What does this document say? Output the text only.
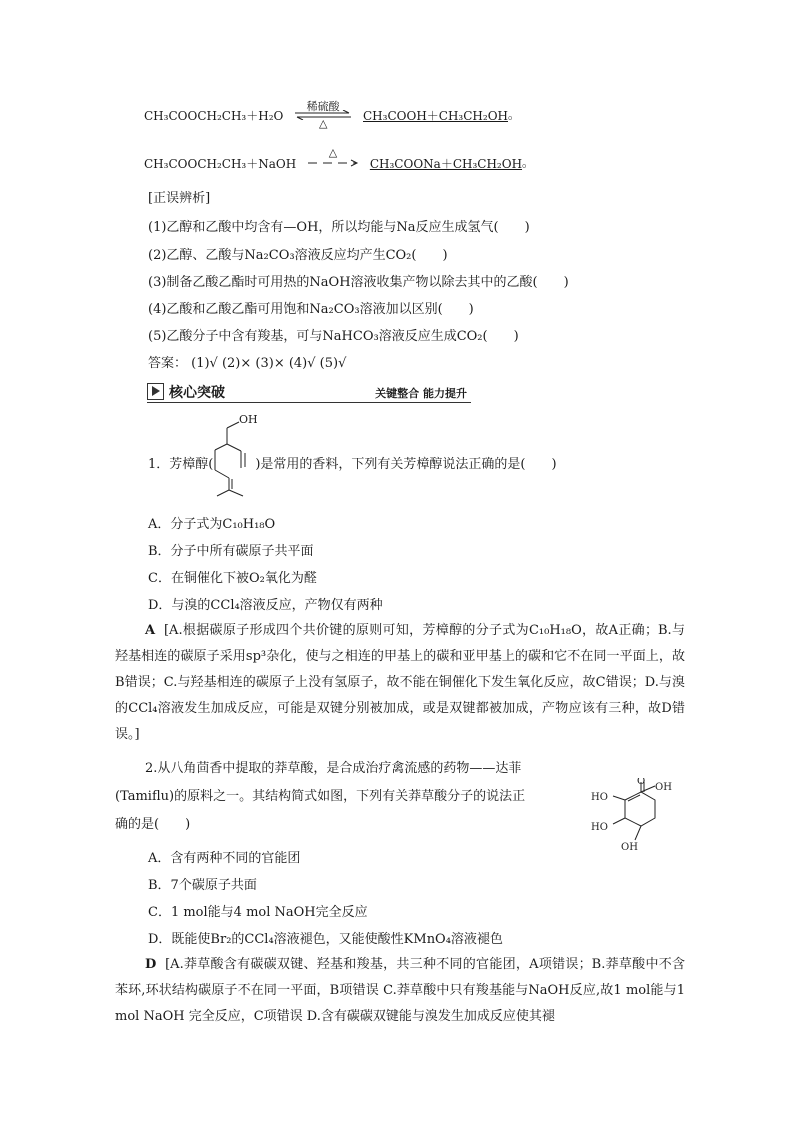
CH₃COOCH₂CH₃＋H₂O
稀硫酸
△
CH₃COOH＋CH₃CH₂OH。
CH₃COOCH₂CH₃＋NaOH
△
CH₃COONa＋CH₃CH₂OH。
[正误辨析]
(1)乙醇和乙酸中均含有—OH，所以均能与Na反应生成氢气(　　)
(2)乙醇、乙酸与Na₂CO₃溶液反应均产生CO₂(　　)
(3)制备乙酸乙酯时可用热的NaOH溶液收集产物以除去其中的乙酸(　　)
(4)乙酸和乙酸乙酯可用饱和Na₂CO₃溶液加以区别(　　)
(5)乙酸分子中含有羧基，可与NaHCO₃溶液反应生成CO₂(　　)
答案： (1)√ (2)× (3)× (4)√ (5)√
核心突破	关键整合 能力提升
1．芳樟醇(	)是常用的香料，下列有关芳樟醇说法正确的是(　　)
OH
A．分子式为C₁₀H₁₈O
B．分子中所有碳原子共平面
C．在铜催化下被O₂氧化为醛
D．与溴的CCl₄溶液反应，产物仅有两种
A [A.根据碳原子形成四个共价键的原则可知，芳樟醇的分子式为C₁₀H₁₈O，故A正确；B.与羟基相连的碳原子采用sp³杂化，使与之相连的甲基上的碳和亚甲基上的碳和它不在同一平面上，故B错误；C.与羟基相连的碳原子上没有氢原子，故不能在铜催化下发生氧化反应，故C错误；D.与溴的CCl₄溶液发生加成反应，可能是双键分别被加成，或是双键都被加成，产物应该有三种，故D错误。]
2.从八角茴香中提取的莽草酸，是合成治疗禽流感的药物——达菲
(Tamiflu)的原料之一。其结构简式如图，下列有关莽草酸分子的说法正
确的是(　　)
O
OH
HO
HO
OH
A．含有两种不同的官能团
B．7个碳原子共面
C．1 mol能与4 mol NaOH完全反应
D．既能使Br₂的CCl₄溶液褪色，又能使酸性KMnO₄溶液褪色
D [A.莽草酸含有碳碳双键、羟基和羧基，共三种不同的官能团，A项错误；B.莽草酸中不含苯环,环状结构碳原子不在同一平面，B项错误 C.莽草酸中只有羧基能与NaOH反应,故1 mol能与1 mol NaOH 完全反应，C项错误 D.含有碳碳双键能与溴发生加成反应使其褪
